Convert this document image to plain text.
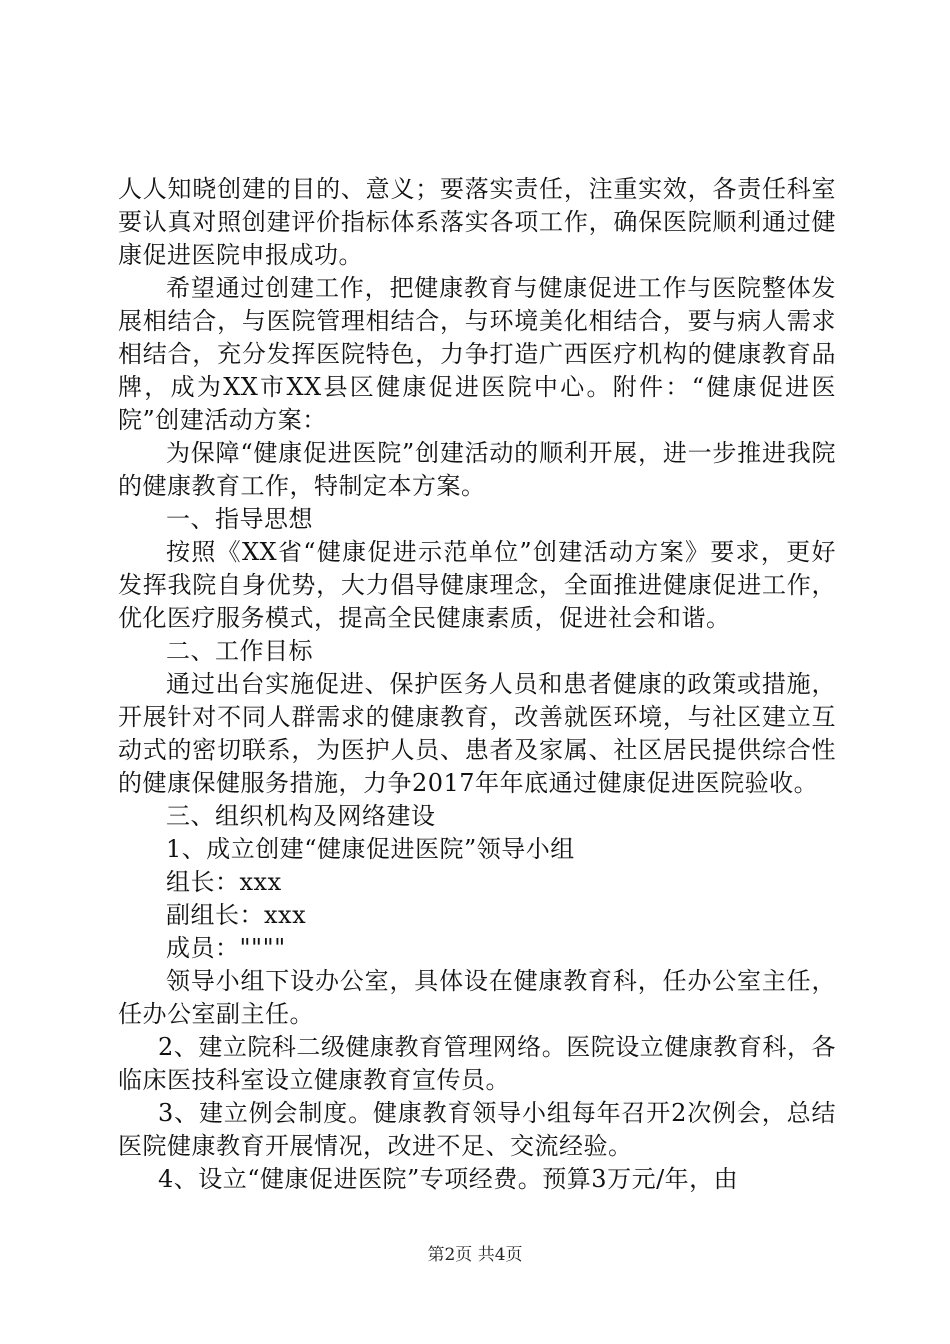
人人知晓创建的目的、意义；要落实责任，注重实效，各责任科室要认真对照创建评价指标体系落实各项工作，确保医院顺利通过健康促进医院申报成功。

希望通过创建工作，把健康教育与健康促进工作与医院整体发展相结合，与医院管理相结合，与环境美化相结合，要与病人需求相结合，充分发挥医院特色，力争打造广西医疗机构的健康教育品牌，成为XX市XX县区健康促进医院中心。附件：“健康促进医院”创建活动方案：

为保障“健康促进医院”创建活动的顺利开展，进一步推进我院的健康教育工作，特制定本方案。

一、指导思想

按照《XX省“健康促进示范单位”创建活动方案》要求，更好发挥我院自身优势，大力倡导健康理念，全面推进健康促进工作，优化医疗服务模式，提高全民健康素质，促进社会和谐。

二、工作目标

通过出台实施促进、保护医务人员和患者健康的政策或措施，开展针对不同人群需求的健康教育，改善就医环境，与社区建立互动式的密切联系，为医护人员、患者及家属、社区居民提供综合性的健康保健服务措施，力争2017年年底通过健康促进医院验收。

三、组织机构及网络建设

1、成立创建“健康促进医院”领导小组

组长：xxx

副组长：xxx

成员：""""

领导小组下设办公室，具体设在健康教育科，任办公室主任，任办公室副主任。

2、建立院科二级健康教育管理网络。医院设立健康教育科，各临床医技科室设立健康教育宣传员。

3、建立例会制度。健康教育领导小组每年召开2次例会，总结医院健康教育开展情况，改进不足、交流经验。

4、设立“健康促进医院”专项经费。预算3万元/年，由

第2页 共4页
